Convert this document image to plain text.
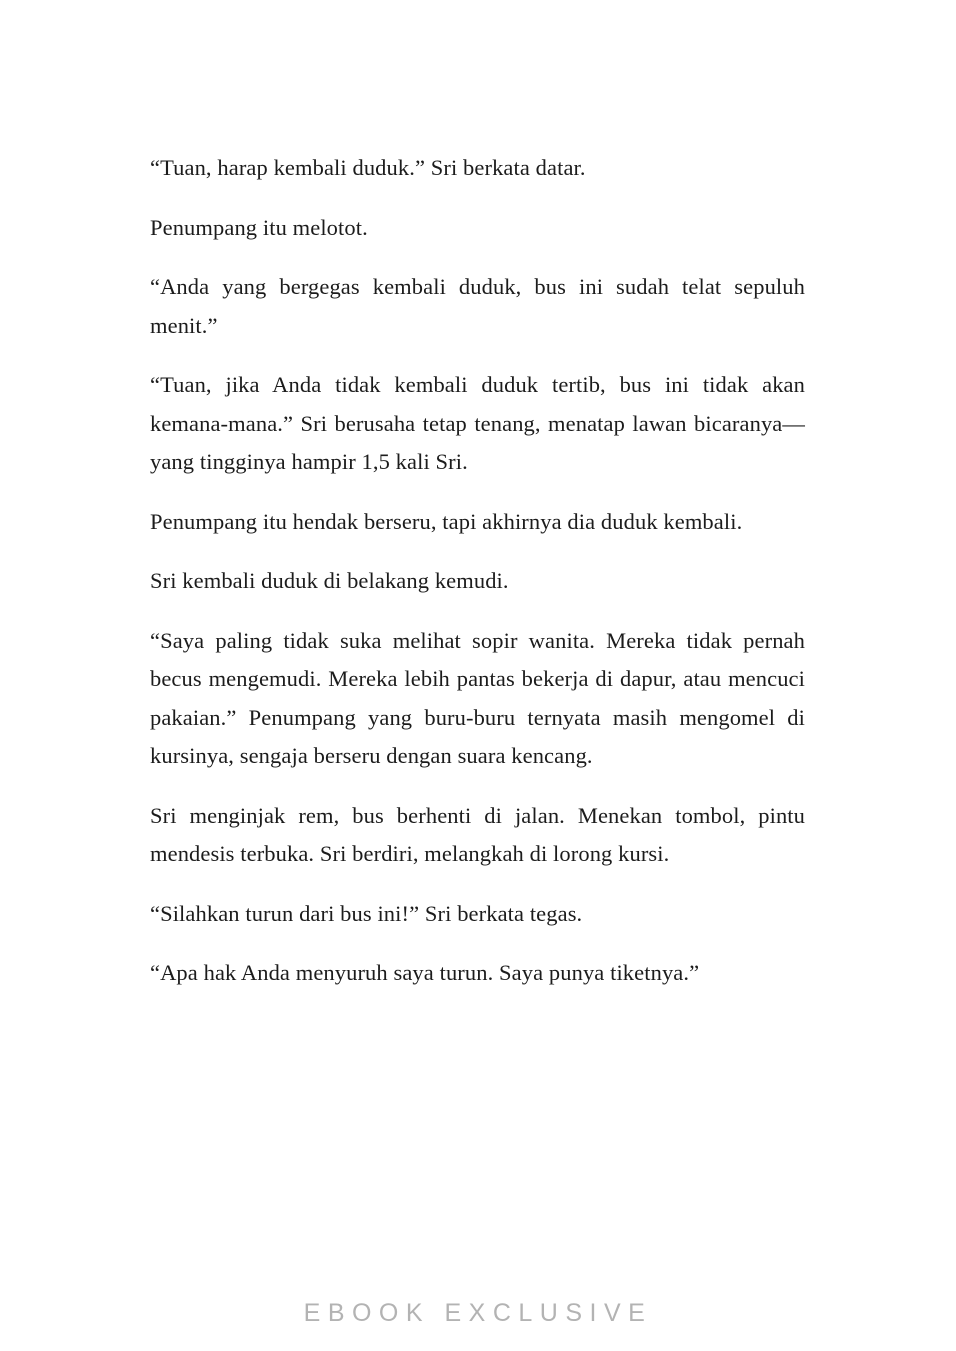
“Tuan, harap kembali duduk.” Sri berkata datar.

Penumpang itu melotot.

“Anda yang bergegas kembali duduk, bus ini sudah telat sepuluh menit.”

“Tuan, jika Anda tidak kembali duduk tertib, bus ini tidak akan kemana-mana.” Sri berusaha tetap tenang, menatap lawan bicaranya—yang tingginya hampir 1,5 kali Sri.

Penumpang itu hendak berseru, tapi akhirnya dia duduk kembali.

Sri kembali duduk di belakang kemudi.

“Saya paling tidak suka melihat sopir wanita. Mereka tidak pernah becus mengemudi. Mereka lebih pantas bekerja di dapur, atau mencuci pakaian.” Penumpang yang buru-buru ternyata masih mengomel di kursinya, sengaja berseru dengan suara kencang.

Sri menginjak rem, bus berhenti di jalan. Menekan tombol, pintu mendesis terbuka. Sri berdiri, melangkah di lorong kursi.

“Silahkan turun dari bus ini!” Sri berkata tegas.

“Apa hak Anda menyuruh saya turun. Saya punya tiketnya.”

EBOOK EXCLUSIVE
